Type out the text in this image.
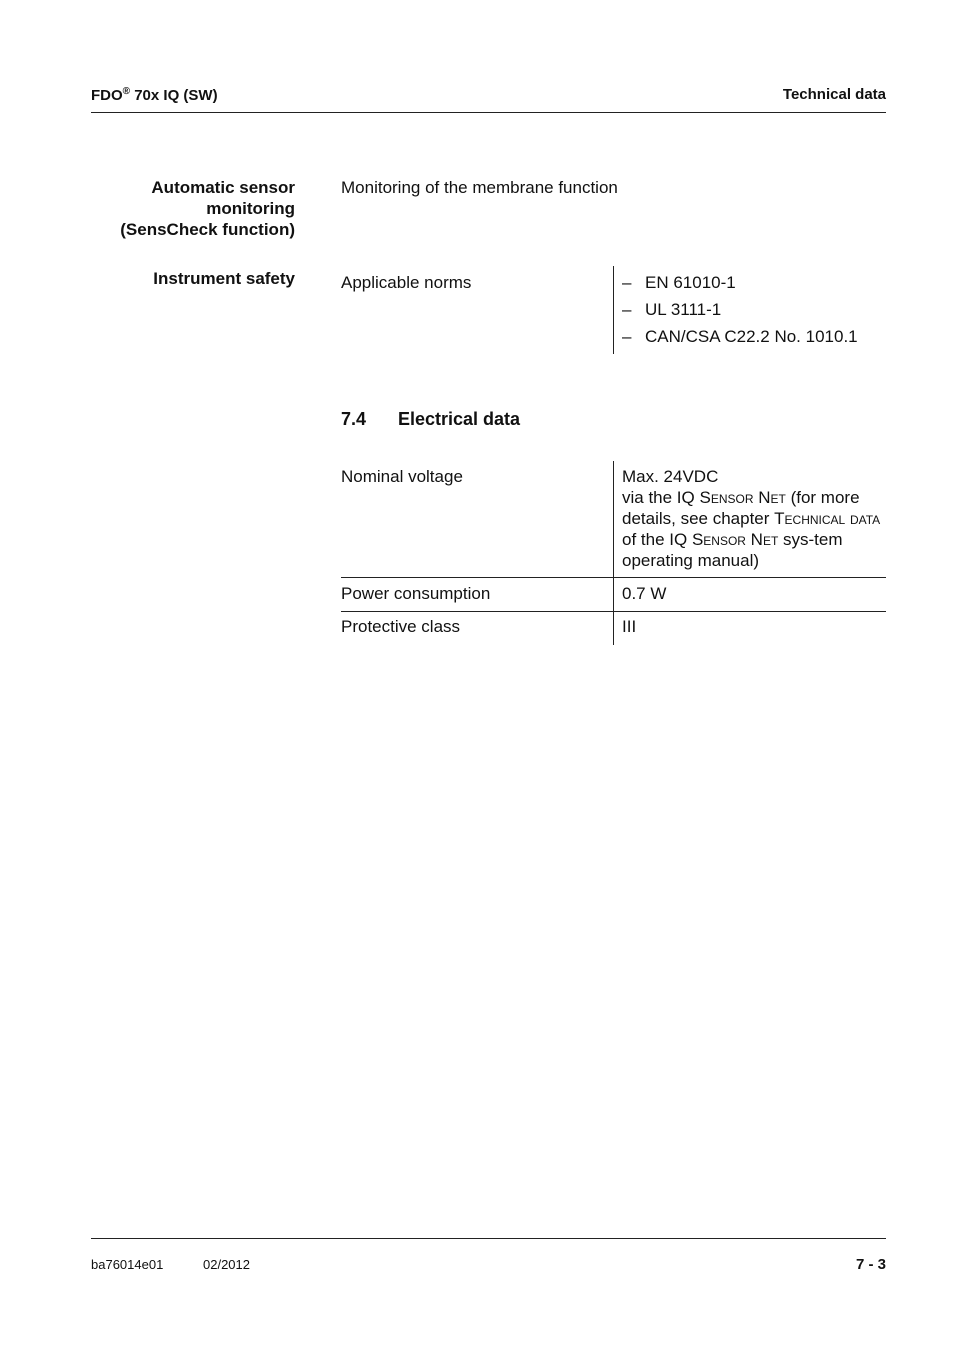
FDO® 70x IQ (SW)	Technical data
Automatic sensor
monitoring
(SensCheck function)
Monitoring of the membrane function
Instrument safety	Applicable norms	– EN 61010-1
– UL 3111-1
– CAN/CSA C22.2 No. 1010.1
7.4 Electrical data
Nominal voltage	Max. 24VDC
via the IQ Sensor Net (for more details, see chapter Technical data of the IQ Sensor Net sys-tem operating manual)
Power consumption	0.7 W
Protective class	III
ba76014e01	02/2012	7 - 3
